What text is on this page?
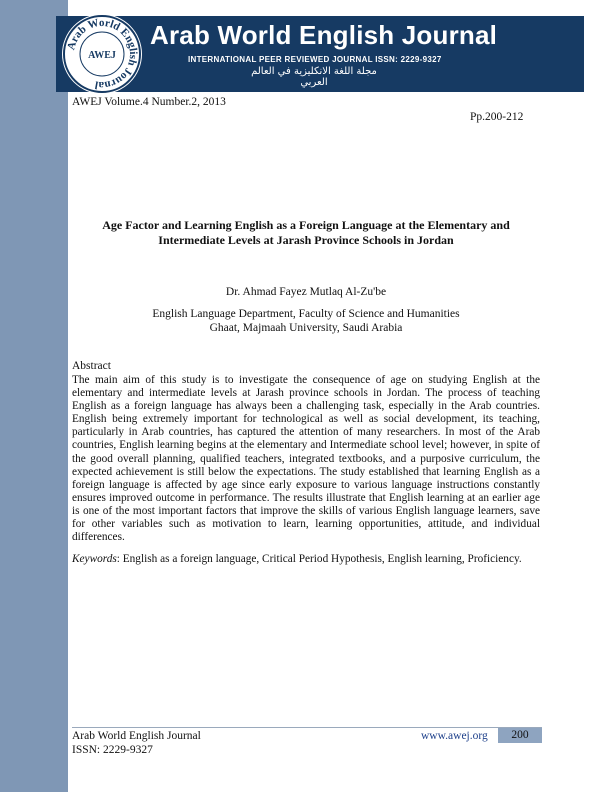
Arab World English Journal
AWEJ
Arab World English Journal
INTERNATIONAL PEER REVIEWED JOURNAL ISSN: 2229-9327
مجلة اللغة الانكليزية في العالم العربي
AWEJ Volume.4 Number.2, 2013
Pp.200-212
Age Factor and Learning English as a Foreign Language at the Elementary and
Intermediate Levels at Jarash Province Schools in Jordan
Dr. Ahmad Fayez Mutlaq Al-Zu'be
English Language Department, Faculty of Science and Humanities
Ghaat, Majmaah University, Saudi Arabia
Abstract
The main aim of this study is to investigate the consequence of age on studying English at the elementary and intermediate levels at Jarash province schools in Jordan. The process of teaching English as a foreign language has always been a challenging task, especially in the Arab countries. English being extremely important for technological as well as social development, its teaching, particularly in Arab countries, has captured the attention of many researchers. In most of the Arab countries, English learning begins at the elementary and Intermediate school level; however, in spite of the good overall planning, qualified teachers, integrated textbooks, and a purposive curriculum, the expected achievement is still below the expectations. The study established that learning English as a foreign language is affected by age since early exposure to various language instructions constantly ensures improved outcome in performance. The results illustrate that English learning at an earlier age is one of the most important factors that improve the skills of various English language learners, save for other variables such as motivation to learn, learning opportunities, attitude, and individual differences.
Keywords: English as a foreign language, Critical Period Hypothesis, English learning, Proficiency.
Arab World English Journal
ISSN: 2229-9327
www.awej.org	200
